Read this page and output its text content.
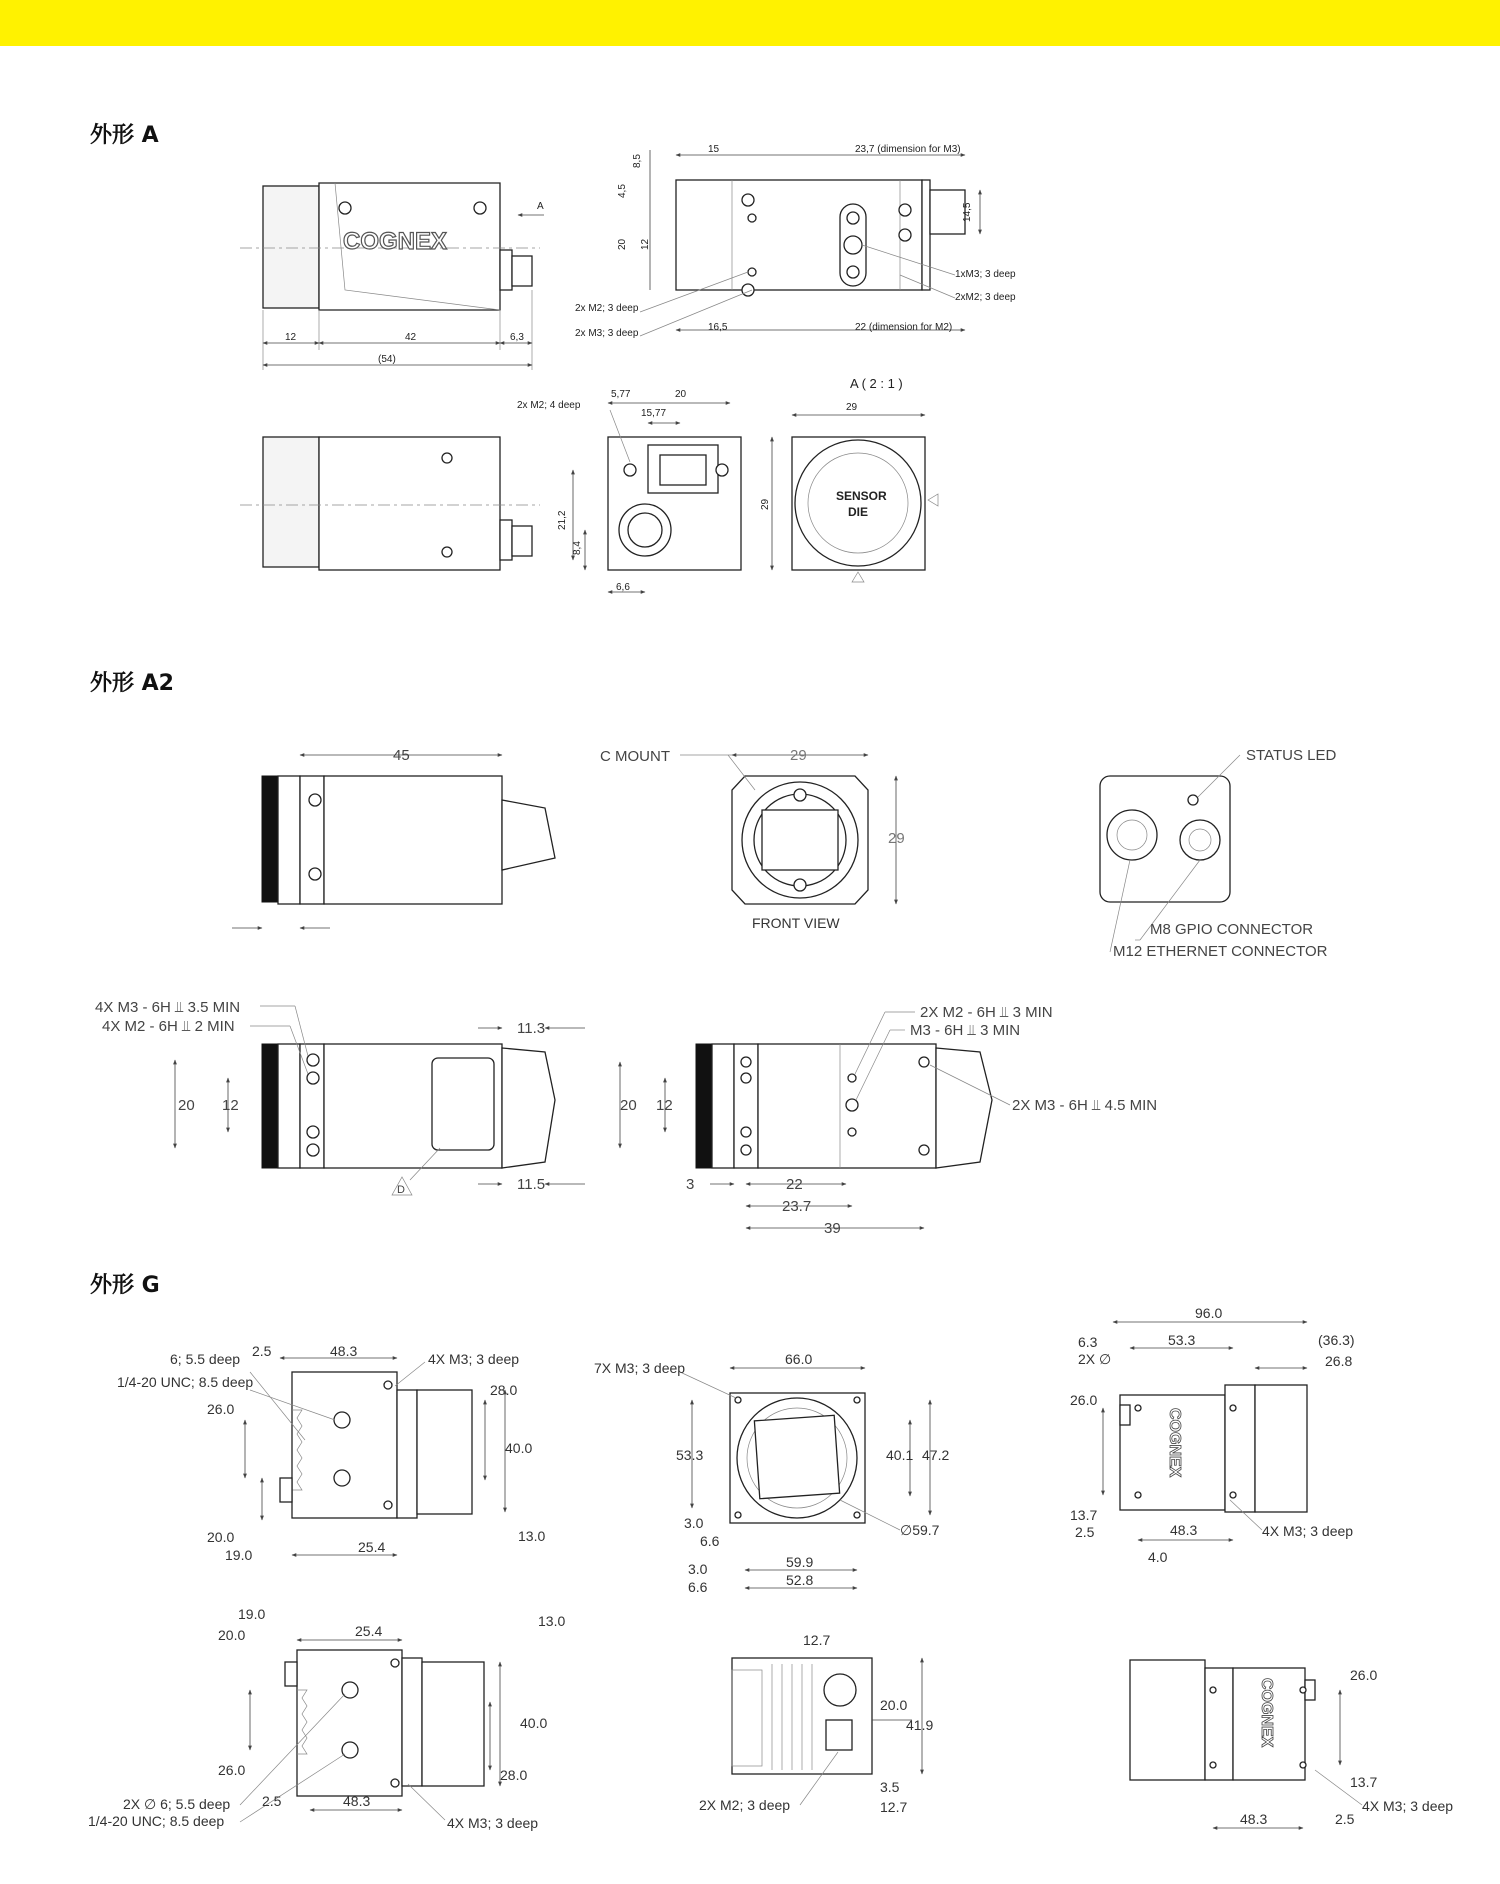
外形 A
外形 A2
外形 G
COGNEX
A
12	42	6,3
(54)
8,5
4,5
20 12
15	23,7 (dimension for M3)
14,5
16,5	22 (dimension for M2)
2x M2; 3 deep
2x M3; 3 deep
1xM3; 3 deep
2xM2; 3 deep
5,77	20
15,77
21,2
8,4
6,6
2x M2; 4 deep
A ( 2 : 1 )
SENSOR
DIE
29
29
45	29
29
C MOUNT
FRONT VIEW
STATUS LED
M8 GPIO CONNECTOR
M12 ETHERNET CONNECTOR
D
4X M3 - 6H ⫫ 3.5 MIN
4X M2 - 6H ⫫ 2 MIN
20 12
11.3
11.5
2X M2 - 6H ⫫ 3 MIN
M3 - 6H ⫫ 3 MIN
2X M3 - 6H ⫫ 4.5 MIN
20 12
3	22
23.7
39
2.5	48.3
6; 5.5 deep
1/4-20 UNC; 8.5 deep
4X M3; 3 deep
26.0
28.0
40.0
20.0
19.0	25.4
13.0
66.0
7X M3; 3 deep
53.3	40.1 47.2
3.0
6.6
∅59.7
3.0	59.9
6.6	52.8
COGNEX
96.0
6.3
2X ∅
53.3	(36.3)
26.8
26.0
13.7
2.5	48.3	4X M3; 3 deep
4.0
19.0
20.0	25.4
13.0
40.0
26.0	28.0
2X ∅ 6; 5.5 deep
1/4-20 UNC; 8.5 deep
2.5	48.3
4X M3; 3 deep
12.7
20.0
41.9
3.5
12.7
2X M2; 3 deep
COGNEX
26.0
13.7
48.3	2.5
4X M3; 3 deep
